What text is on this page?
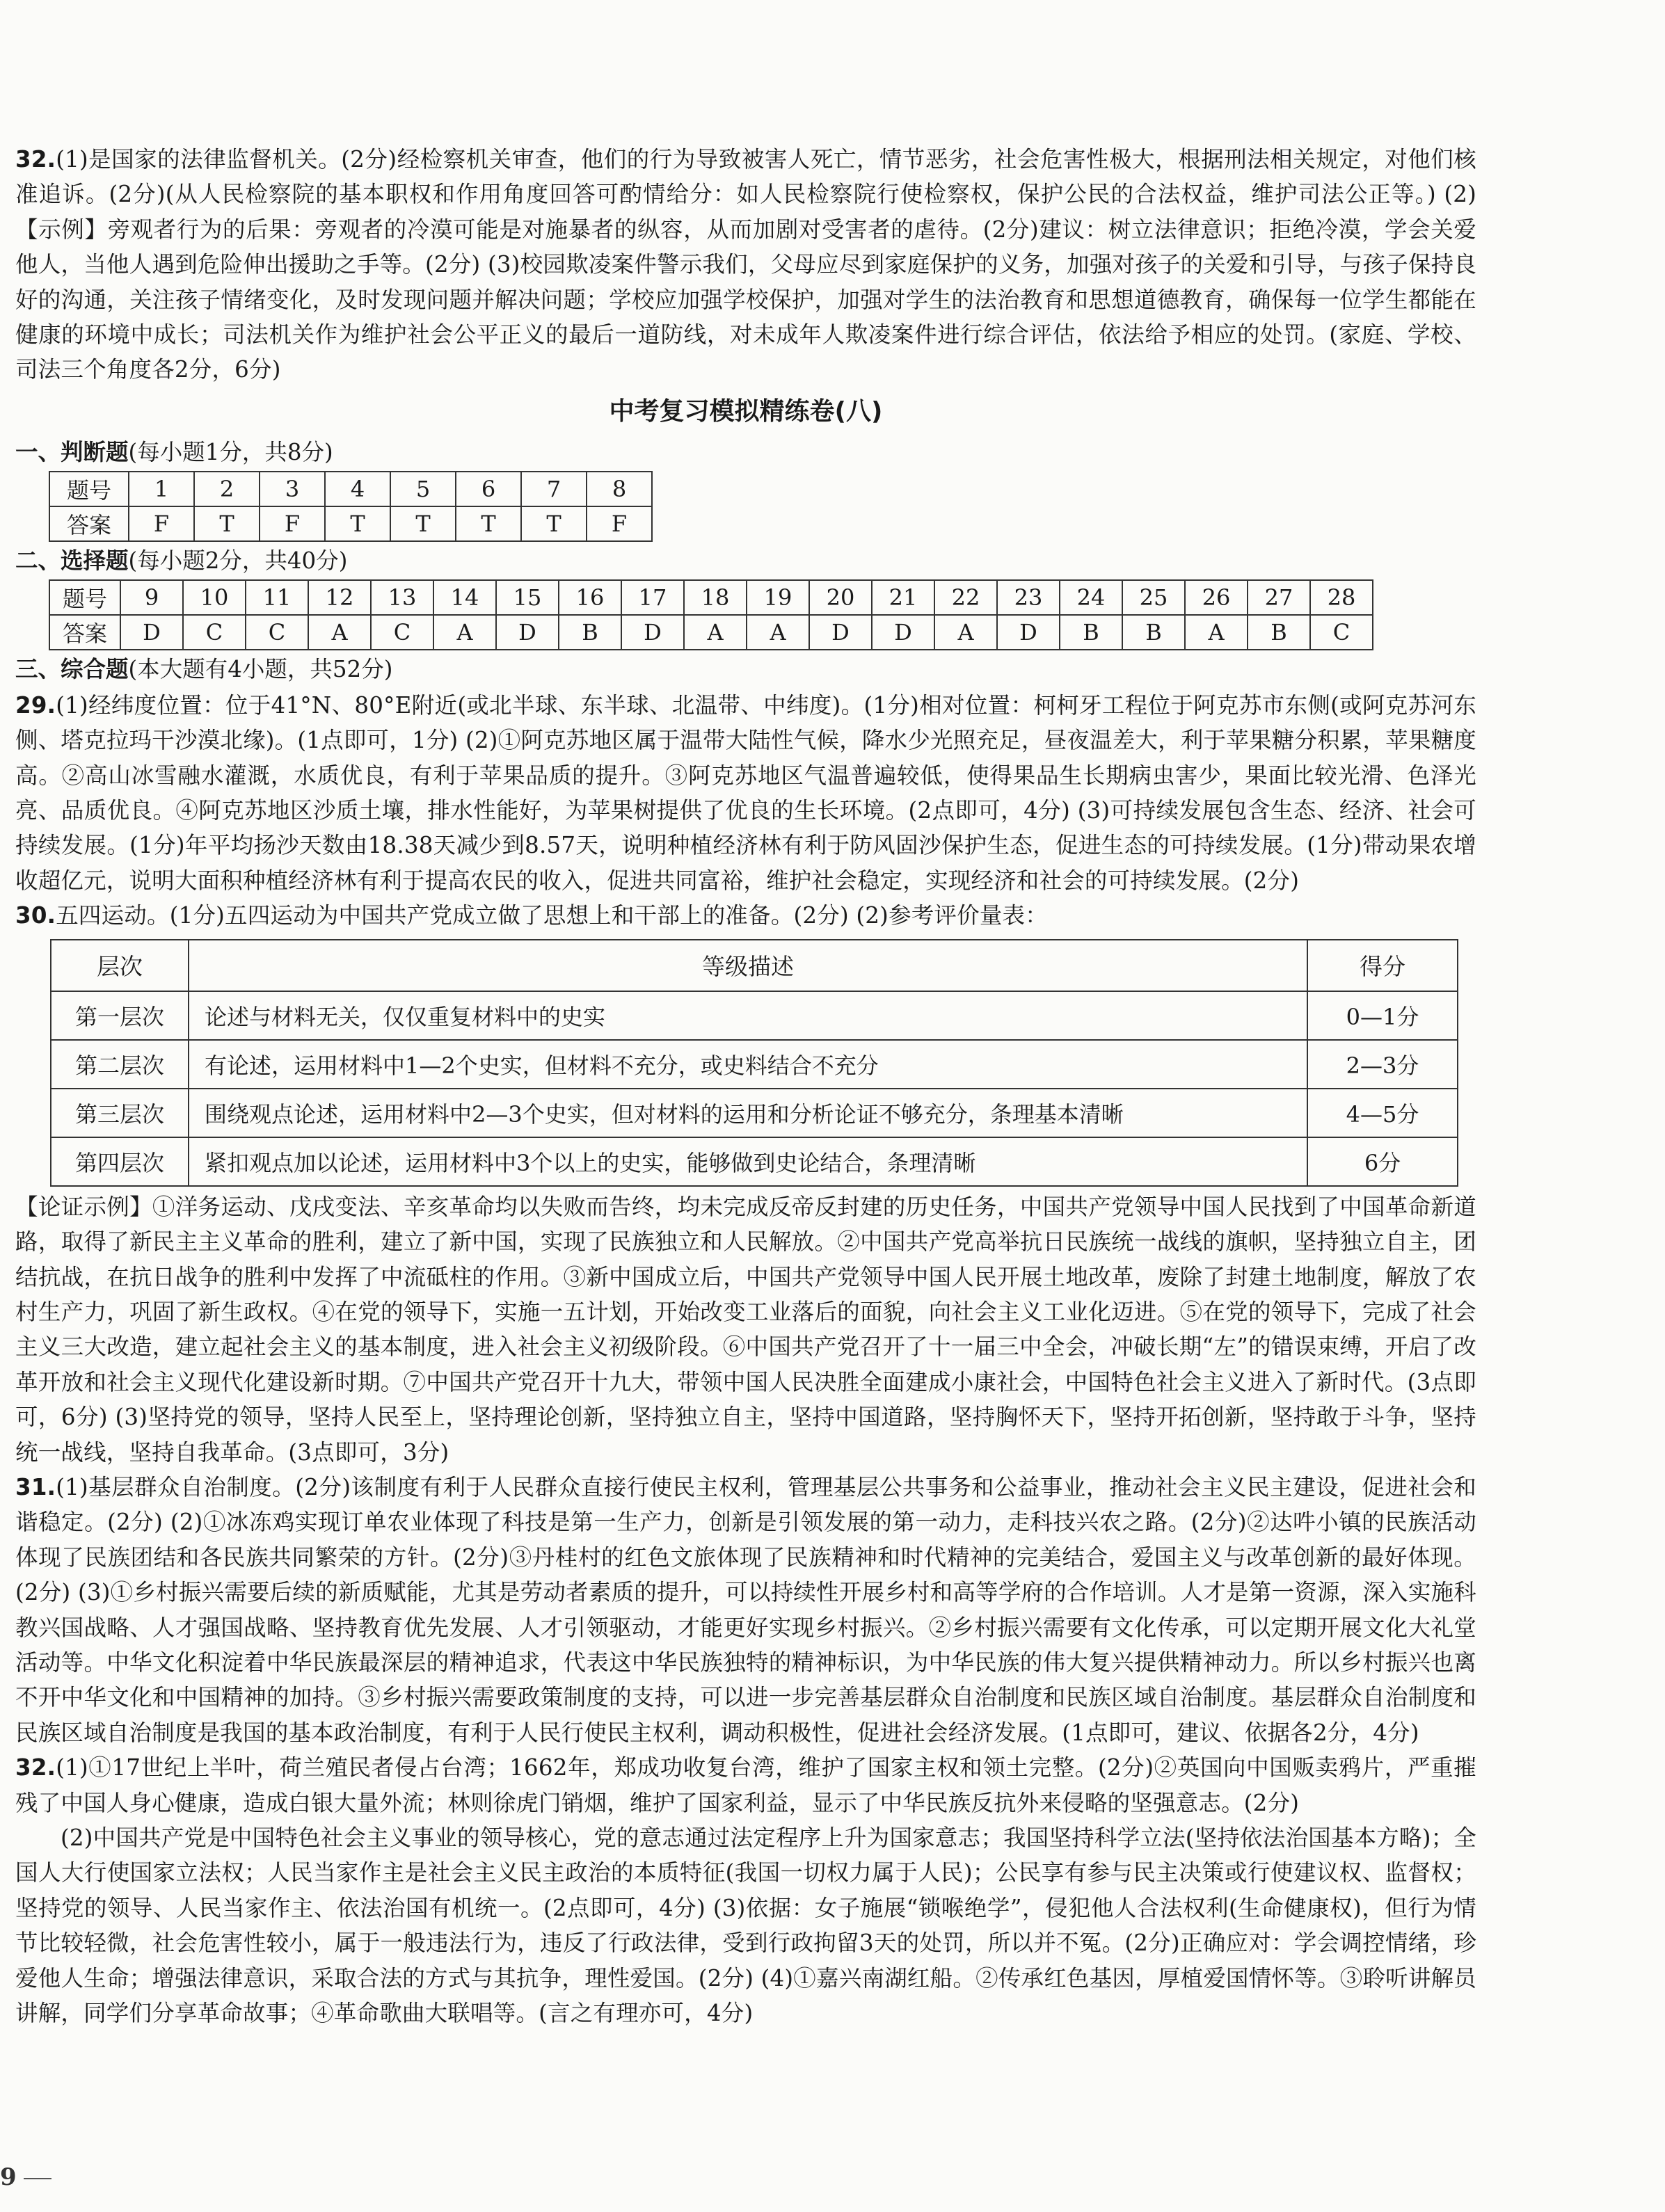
32.(1)是国家的法律监督机关。(2分)经检察机关审查，他们的行为导致被害人死亡，情节恶劣，社会危害性极大，根据刑法相关规定，对他们核准追诉。(2分)(从人民检察院的基本职权和作用角度回答可酌情给分：如人民检察院行使检察权，保护公民的合法权益，维护司法公正等。) (2)【示例】旁观者行为的后果：旁观者的冷漠可能是对施暴者的纵容，从而加剧对受害者的虐待。(2分)建议：树立法律意识；拒绝冷漠，学会关爱他人，当他人遇到危险伸出援助之手等。(2分) (3)校园欺凌案件警示我们，父母应尽到家庭保护的义务，加强对孩子的关爱和引导，与孩子保持良好的沟通，关注孩子情绪变化，及时发现问题并解决问题；学校应加强学校保护，加强对学生的法治教育和思想道德教育，确保每一位学生都能在健康的环境中成长；司法机关作为维护社会公平正义的最后一道防线，对未成年人欺凌案件进行综合评估，依法给予相应的处罚。(家庭、学校、司法三个角度各2分，6分)

中考复习模拟精练卷(八)

一、判断题(每小题1分，共8分)

题号	1	2	3	4	5	6	7	8
答案	F	T	F	T	T	T	T	F

二、选择题(每小题2分，共40分)

题号	9	10	11	12	13	14	15	16	17	18	19	20	21	22	23	24	25	26	27	28
答案	D	C	C	A	C	A	D	B	D	A	A	D	D	A	D	B	B	A	B	C

三、综合题(本大题有4小题，共52分)

29.(1)经纬度位置：位于41°N、80°E附近(或北半球、东半球、北温带、中纬度)。(1分)相对位置：柯柯牙工程位于阿克苏市东侧(或阿克苏河东侧、塔克拉玛干沙漠北缘)。(1点即可，1分) (2)①阿克苏地区属于温带大陆性气候，降水少光照充足，昼夜温差大，利于苹果糖分积累，苹果糖度高。②高山冰雪融水灌溉，水质优良，有利于苹果品质的提升。③阿克苏地区气温普遍较低，使得果品生长期病虫害少，果面比较光滑、色泽光亮、品质优良。④阿克苏地区沙质土壤，排水性能好，为苹果树提供了优良的生长环境。(2点即可，4分) (3)可持续发展包含生态、经济、社会可持续发展。(1分)年平均扬沙天数由18.38天减少到8.57天，说明种植经济林有利于防风固沙保护生态，促进生态的可持续发展。(1分)带动果农增收超亿元，说明大面积种植经济林有利于提高农民的收入，促进共同富裕，维护社会稳定，实现经济和社会的可持续发展。(2分)

30.五四运动。(1分)五四运动为中国共产党成立做了思想上和干部上的准备。(2分) (2)参考评价量表：

层次	等级描述	得分
第一层次	论述与材料无关，仅仅重复材料中的史实	0—1分
第二层次	有论述，运用材料中1—2个史实，但材料不充分，或史料结合不充分	2—3分
第三层次	围绕观点论述，运用材料中2—3个史实，但对材料的运用和分析论证不够充分，条理基本清晰	4—5分
第四层次	紧扣观点加以论述，运用材料中3个以上的史实，能够做到史论结合，条理清晰	6分

【论证示例】①洋务运动、戊戌变法、辛亥革命均以失败而告终，均未完成反帝反封建的历史任务，中国共产党领导中国人民找到了中国革命新道路，取得了新民主主义革命的胜利，建立了新中国，实现了民族独立和人民解放。②中国共产党高举抗日民族统一战线的旗帜，坚持独立自主，团结抗战，在抗日战争的胜利中发挥了中流砥柱的作用。③新中国成立后，中国共产党领导中国人民开展土地改革，废除了封建土地制度，解放了农村生产力，巩固了新生政权。④在党的领导下，实施一五计划，开始改变工业落后的面貌，向社会主义工业化迈进。⑤在党的领导下，完成了社会主义三大改造，建立起社会主义的基本制度，进入社会主义初级阶段。⑥中国共产党召开了十一届三中全会，冲破长期“左”的错误束缚，开启了改革开放和社会主义现代化建设新时期。⑦中国共产党召开十九大，带领中国人民决胜全面建成小康社会，中国特色社会主义进入了新时代。(3点即可，6分) (3)坚持党的领导，坚持人民至上，坚持理论创新，坚持独立自主，坚持中国道路，坚持胸怀天下，坚持开拓创新，坚持敢于斗争，坚持统一战线，坚持自我革命。(3点即可，3分)

31.(1)基层群众自治制度。(2分)该制度有利于人民群众直接行使民主权利，管理基层公共事务和公益事业，推动社会主义民主建设，促进社会和谐稳定。(2分) (2)①冰冻鸡实现订单农业体现了科技是第一生产力，创新是引领发展的第一动力，走科技兴农之路。(2分)②达吽小镇的民族活动体现了民族团结和各民族共同繁荣的方针。(2分)③丹桂村的红色文旅体现了民族精神和时代精神的完美结合，爱国主义与改革创新的最好体现。(2分) (3)①乡村振兴需要后续的新质赋能，尤其是劳动者素质的提升，可以持续性开展乡村和高等学府的合作培训。人才是第一资源，深入实施科教兴国战略、人才强国战略、坚持教育优先发展、人才引领驱动，才能更好实现乡村振兴。②乡村振兴需要有文化传承，可以定期开展文化大礼堂活动等。中华文化积淀着中华民族最深层的精神追求，代表这中华民族独特的精神标识，为中华民族的伟大复兴提供精神动力。所以乡村振兴也离不开中华文化和中国精神的加持。③乡村振兴需要政策制度的支持，可以进一步完善基层群众自治制度和民族区域自治制度。基层群众自治制度和民族区域自治制度是我国的基本政治制度，有利于人民行使民主权利，调动积极性，促进社会经济发展。(1点即可，建议、依据各2分，4分)

32.(1)①17世纪上半叶，荷兰殖民者侵占台湾；1662年，郑成功收复台湾，维护了国家主权和领土完整。(2分)②英国向中国贩卖鸦片，严重摧残了中国人身心健康，造成白银大量外流；林则徐虎门销烟，维护了国家利益，显示了中华民族反抗外来侵略的坚强意志。(2分)

(2)中国共产党是中国特色社会主义事业的领导核心，党的意志通过法定程序上升为国家意志；我国坚持科学立法(坚持依法治国基本方略)；全国人大行使国家立法权；人民当家作主是社会主义民主政治的本质特征(我国一切权力属于人民)；公民享有参与民主决策或行使建议权、监督权；坚持党的领导、人民当家作主、依法治国有机统一。(2点即可，4分) (3)依据：女子施展“锁喉绝学”，侵犯他人合法权利(生命健康权)，但行为情节比较轻微，社会危害性较小，属于一般违法行为，违反了行政法律，受到行政拘留3天的处罚，所以并不冤。(2分)正确应对：学会调控情绪，珍爱他人生命；增强法律意识，采取合法的方式与其抗争，理性爱国。(2分) (4)①嘉兴南湖红船。②传承红色基因，厚植爱国情怀等。③聆听讲解员讲解，同学们分享革命故事；④革命歌曲大联唱等。(言之有理亦可，4分)

9
